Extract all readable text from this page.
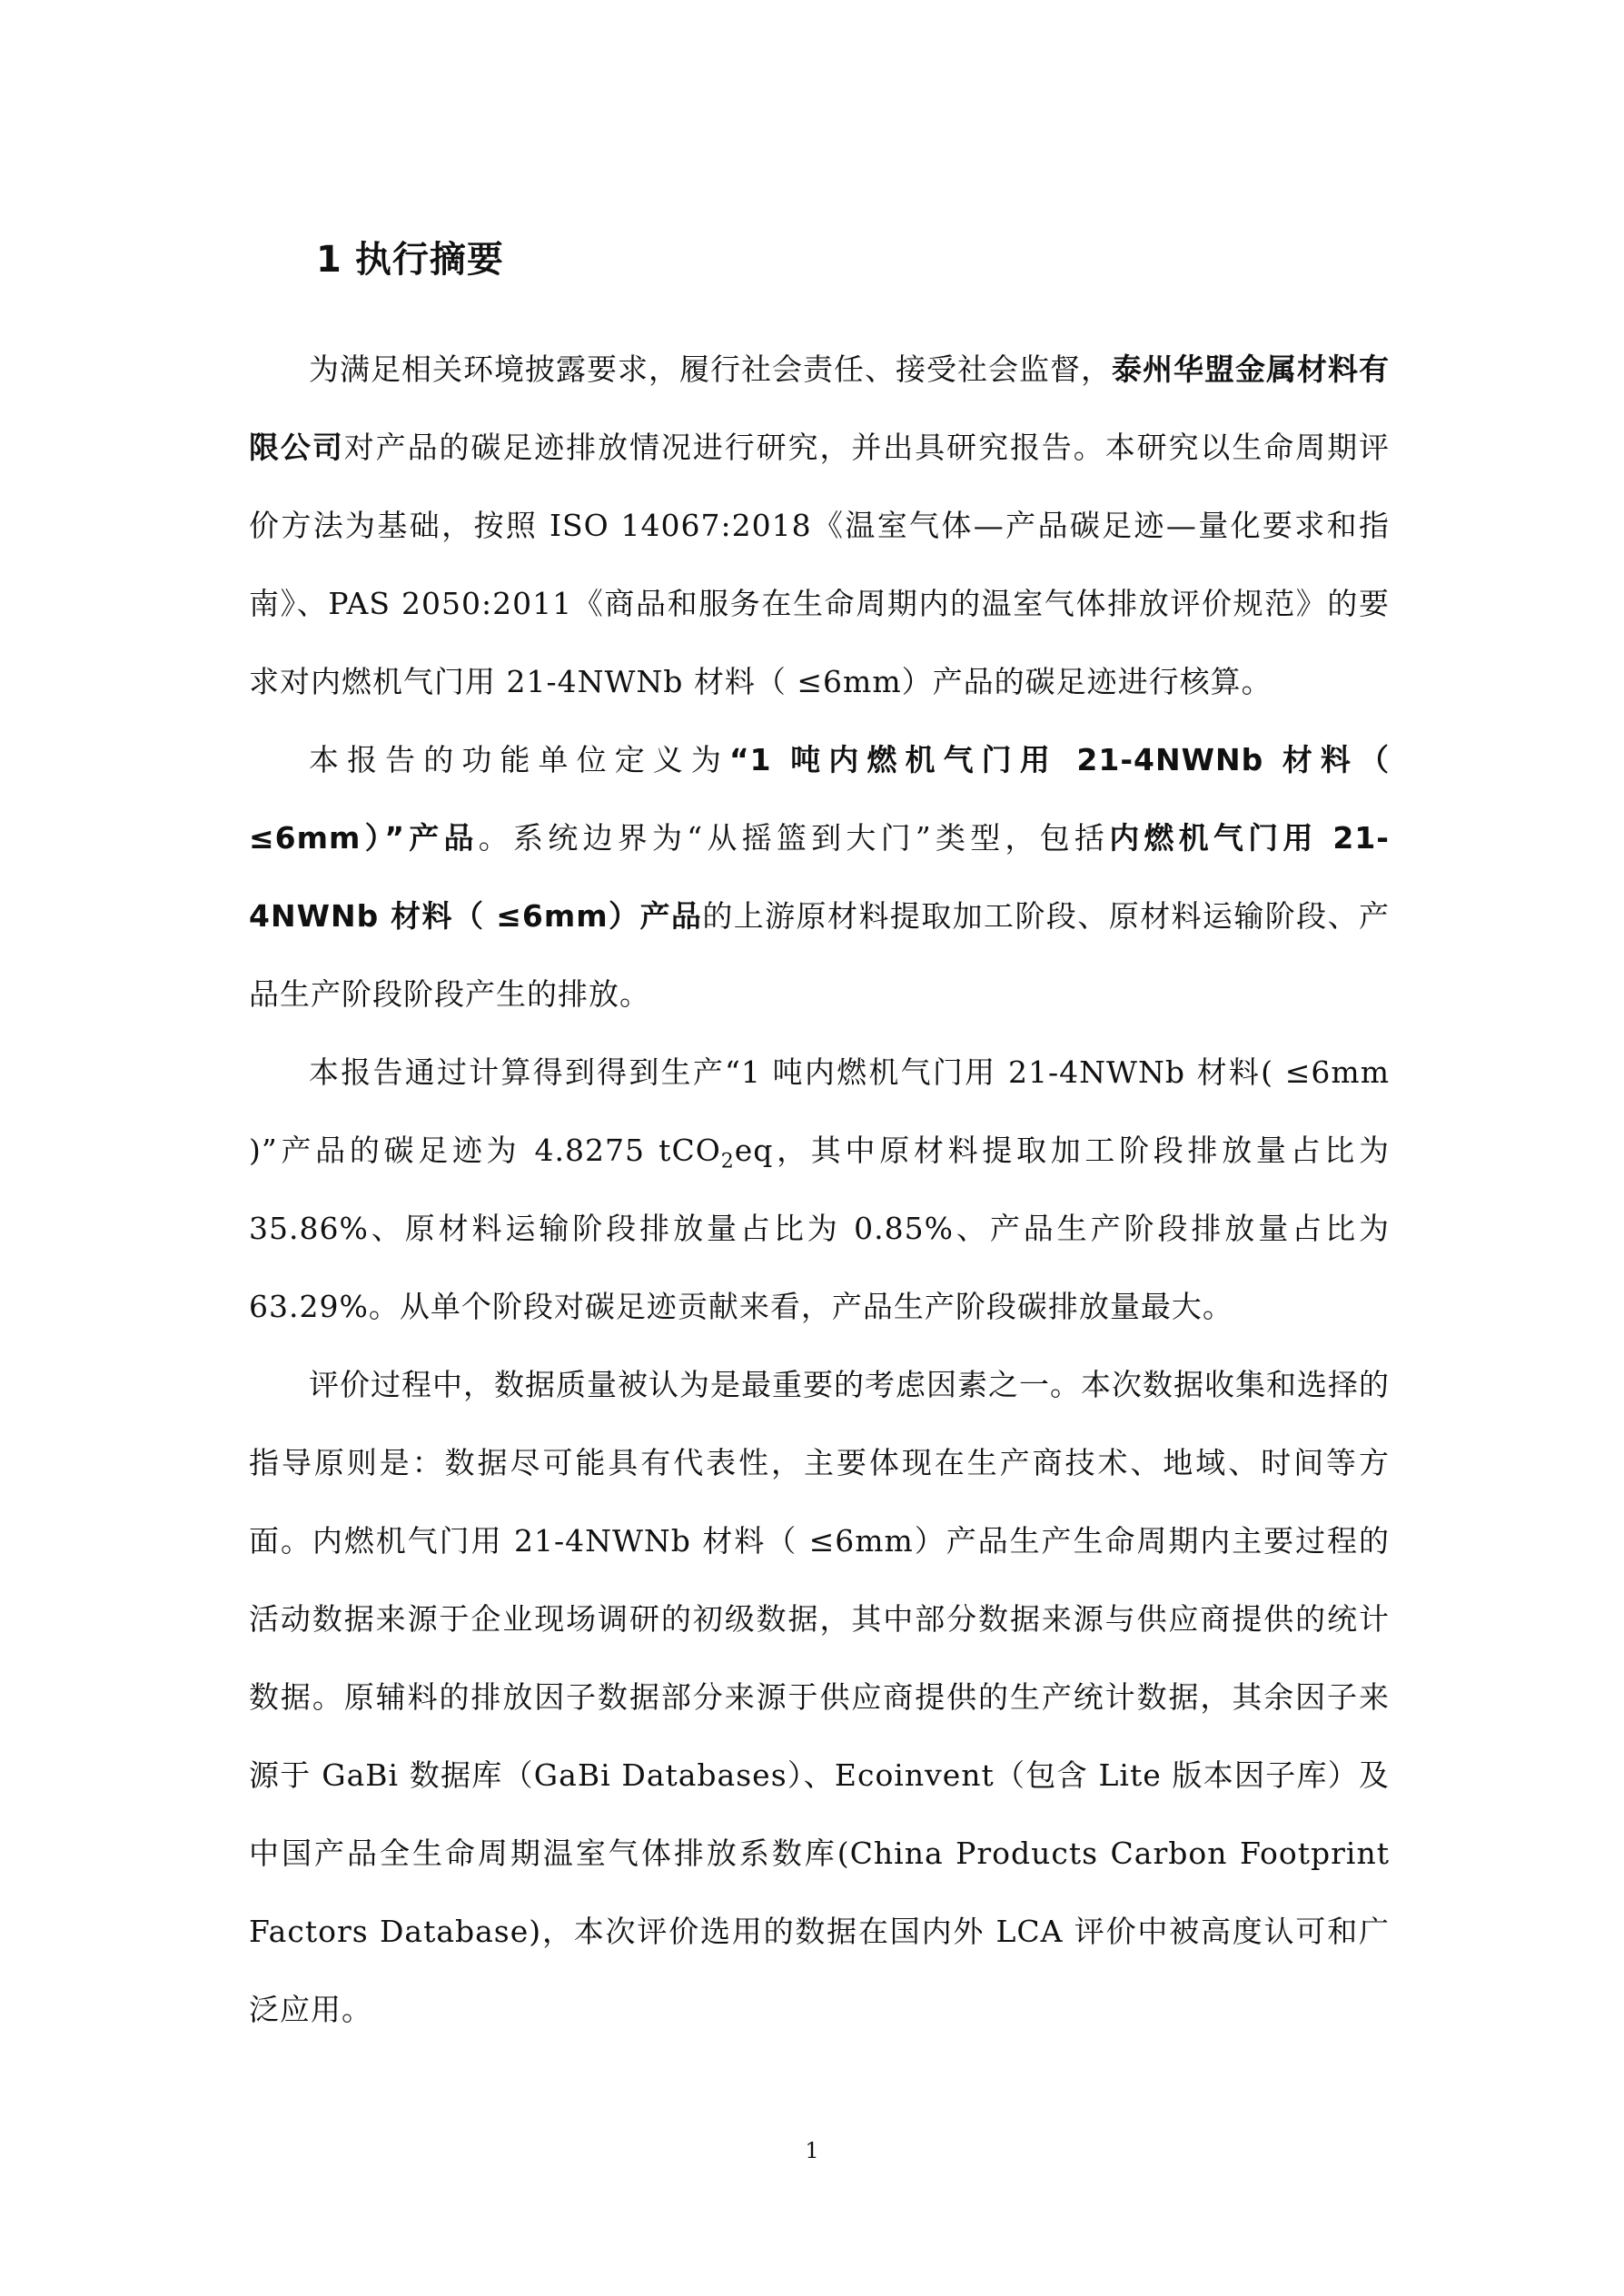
1 执行摘要

为满足相关环境披露要求，履行社会责任、接受社会监督，泰州华盟金属材料有限公司对产品的碳足迹排放情况进行研究，并出具研究报告。本研究以生命周期评价方法为基础，按照 ISO 14067:2018《温室气体—产品碳足迹—量化要求和指南》、PAS 2050:2011《商品和服务在生命周期内的温室气体排放评价规范》的要求对内燃机气门用 21-4NWNb 材料（ ≤6mm）产品的碳足迹进行核算。

本报告的功能单位定义为“1 吨内燃机气门用 21-4NWNb 材料（ ≤6mm）”产品。系统边界为“从摇篮到大门”类型，包括内燃机气门用 21-4NWNb 材料（ ≤6mm）产品的上游原材料提取加工阶段、原材料运输阶段、产品生产阶段阶段产生的排放。

本报告通过计算得到得到生产“1 吨内燃机气门用 21-4NWNb 材料( ≤6mm )”产品的碳足迹为 4.8275 tCO$_2$eq，其中原材料提取加工阶段排放量占比为 35.86%、原材料运输阶段排放量占比为 0.85%、产品生产阶段排放量占比为 63.29%。从单个阶段对碳足迹贡献来看，产品生产阶段碳排放量最大。

评价过程中，数据质量被认为是最重要的考虑因素之一。本次数据收集和选择的指导原则是：数据尽可能具有代表性，主要体现在生产商技术、地域、时间等方面。内燃机气门用 21-4NWNb 材料（ ≤6mm）产品生产生命周期内主要过程的活动数据来源于企业现场调研的初级数据，其中部分数据来源与供应商提供的统计数据。原辅料的排放因子数据部分来源于供应商提供的生产统计数据，其余因子来源于 GaBi 数据库（GaBi Databases）、Ecoinvent（包含 Lite 版本因子库）及中国产品全生命周期温室气体排放系数库(China Products Carbon Footprint Factors Database)，本次评价选用的数据在国内外 LCA 评价中被高度认可和广泛应用。

1
